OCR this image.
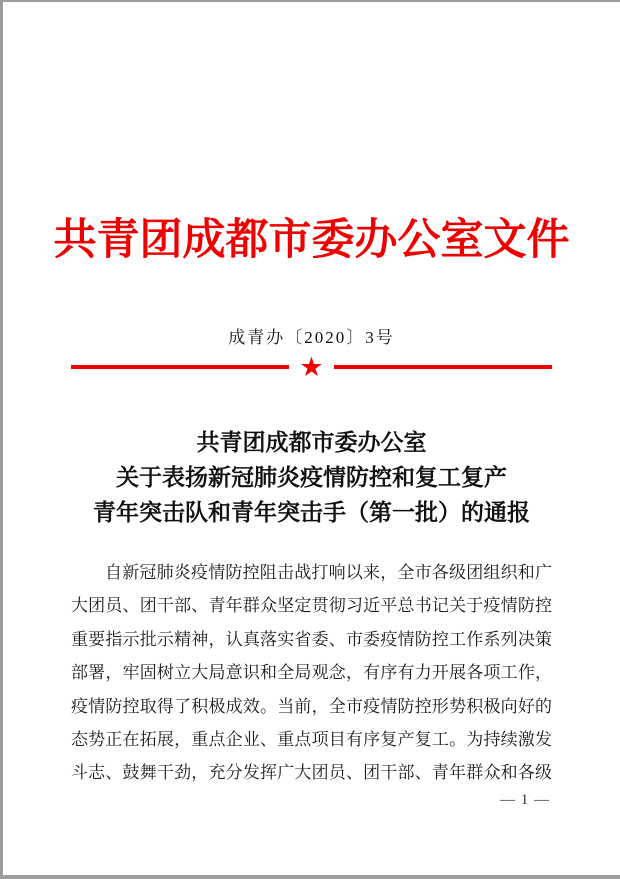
共青团成都市委办公室文件
成青办〔2020〕3号
★
共青团成都市委办公室
关于表扬新冠肺炎疫情防控和复工复产
青年突击队和青年突击手（第一批）的通报
自新冠肺炎疫情防控阻击战打响以来，全市各级团组织和广
大团员、团干部、青年群众坚定贯彻习近平总书记关于疫情防控
重要指示批示精神，认真落实省委、市委疫情防控工作系列决策
部署，牢固树立大局意识和全局观念，有序有力开展各项工作，
疫情防控取得了积极成效。当前，全市疫情防控形势积极向好的
态势正在拓展，重点企业、重点项目有序复产复工。为持续激发
斗志、鼓舞干劲，充分发挥广大团员、团干部、青年群众和各级
— 1 —
